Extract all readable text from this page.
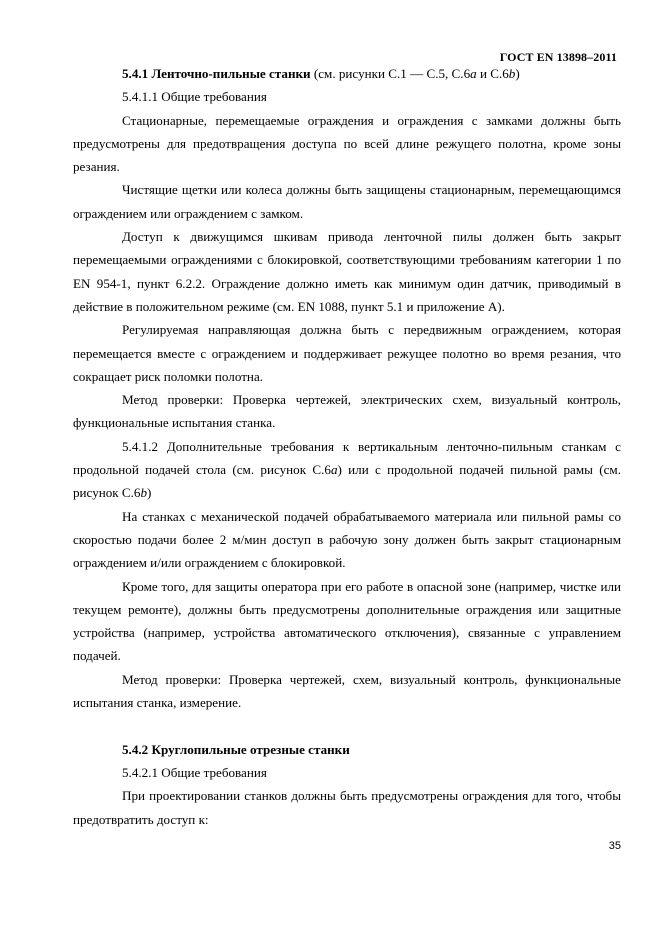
ГОСТ EN 13898–2011

5.4.1 Ленточно-пильные станки (см. рисунки С.1 — С.5, С.6а и С.6b)

5.4.1.1 Общие требования

Стационарные, перемещаемые ограждения и ограждения с замками должны быть предусмотрены для предотвращения доступа по всей длине режущего полотна, кроме зоны резания.

Чистящие щетки или колеса должны быть защищены стационарным, перемещающимся ограждением или ограждением с замком.

Доступ к движущимся шкивам привода ленточной пилы должен быть закрыт перемещаемыми ограждениями с блокировкой, соответствующими требованиям категории 1 по EN 954-1, пункт 6.2.2. Ограждение должно иметь как минимум один датчик, приводимый в действие в положительном режиме (см. EN 1088, пункт 5.1 и приложение А).

Регулируемая направляющая должна быть с передвижным ограждением, которая перемещается вместе с ограждением и поддерживает режущее полотно во время резания, что сокращает риск поломки полотна.

Метод проверки: Проверка чертежей, электрических схем, визуальный контроль, функциональные испытания станка.

5.4.1.2 Дополнительные требования к вертикальным ленточно-пильным станкам с продольной подачей стола (см. рисунок С.6а) или с продольной подачей пильной рамы (см. рисунок С.6b)

На станках с механической подачей обрабатываемого материала или пильной рамы со скоростью подачи более 2 м/мин доступ в рабочую зону должен быть закрыт стационарным ограждением и/или ограждением с блокировкой.

Кроме того, для защиты оператора при его работе в опасной зоне (например, чистке или текущем ремонте), должны быть предусмотрены дополнительные ограждения или защитные устройства (например, устройства автоматического отключения), связанные с управлением подачей.

Метод проверки: Проверка чертежей, схем, визуальный контроль, функциональные испытания станка, измерение.

5.4.2 Круглопильные отрезные станки

5.4.2.1 Общие требования

При проектировании станков должны быть предусмотрены ограждения для того, чтобы предотвратить доступ к:

35
